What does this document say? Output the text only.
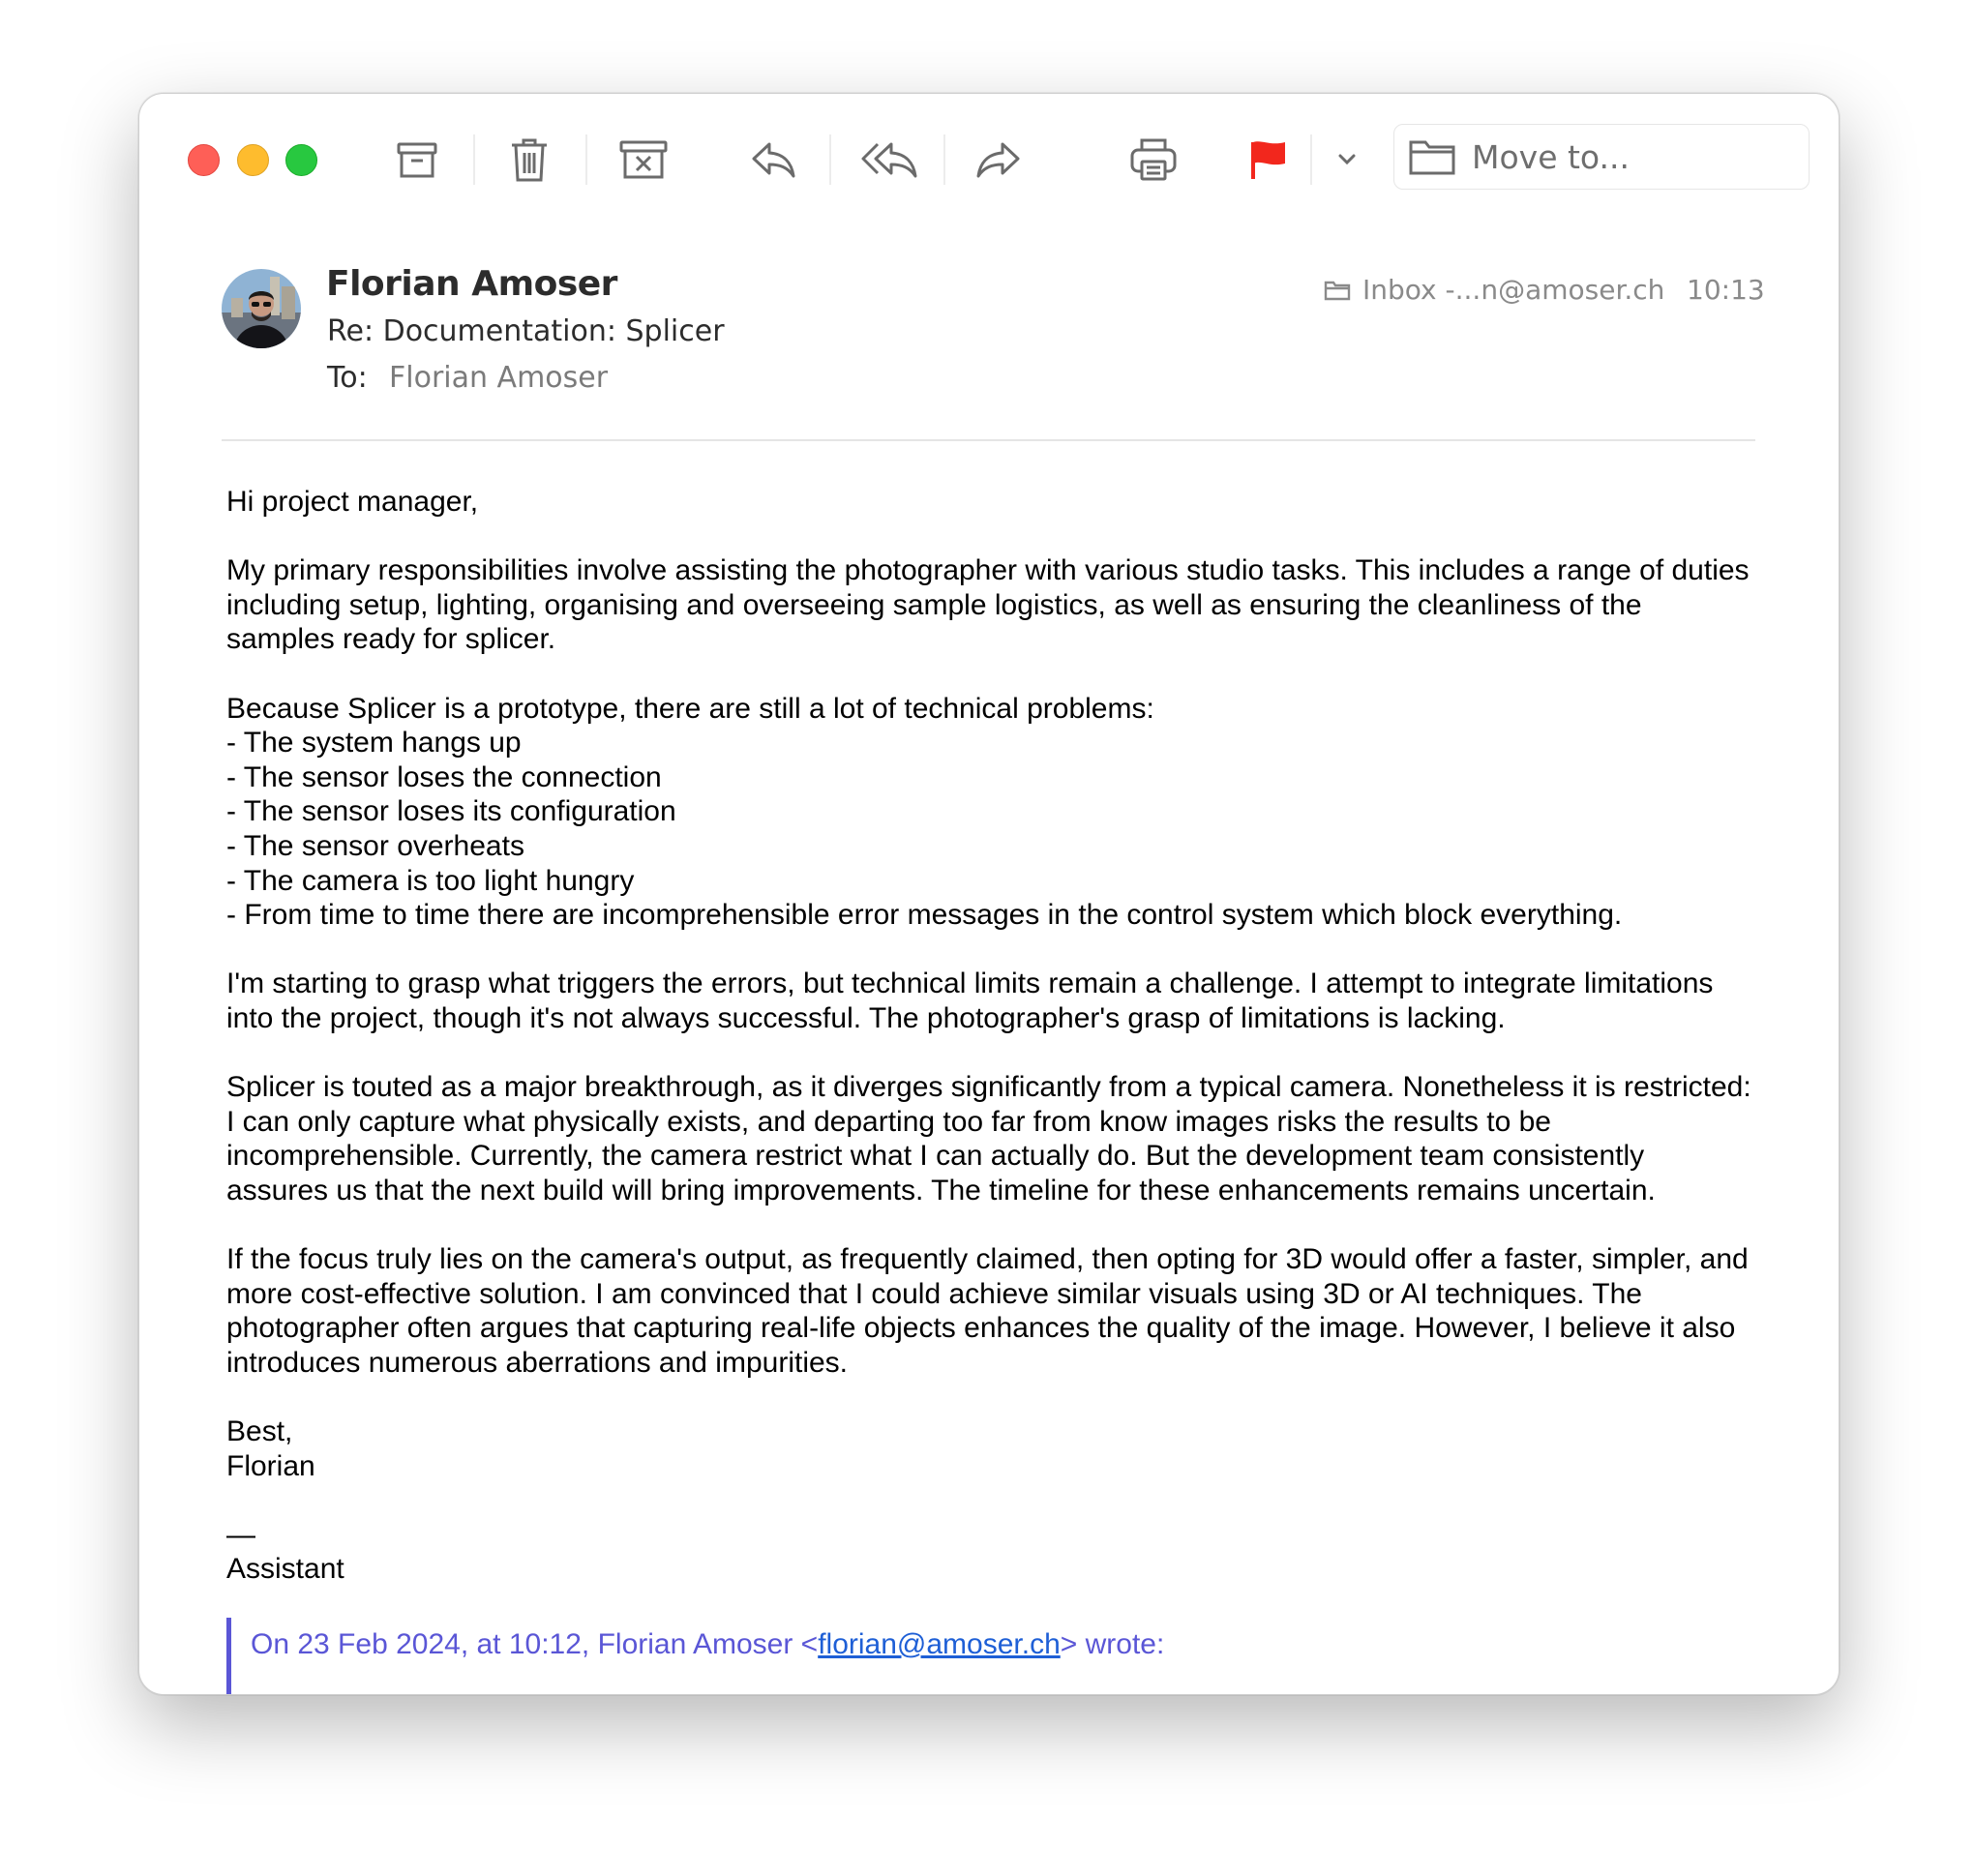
Move to...
Florian Amoser
Re: Documentation: Splicer
To: Florian Amoser
Inbox -...n@amoser.ch 10:13

Hi project manager,

My primary responsibilities involve assisting the photographer with various studio tasks. This includes a range of duties
including setup, lighting, organising and overseeing sample logistics, as well as ensuring the cleanliness of the
samples ready for splicer.

Because Splicer is a prototype, there are still a lot of technical problems:
- The system hangs up
- The sensor loses the connection
- The sensor loses its configuration
- The sensor overheats
- The camera is too light hungry
- From time to time there are incomprehensible error messages in the control system which block everything.

I'm starting to grasp what triggers the errors, but technical limits remain a challenge. I attempt to integrate limitations
into the project, though it's not always successful. The photographer's grasp of limitations is lacking.

Splicer is touted as a major breakthrough, as it diverges significantly from a typical camera. Nonetheless it is restricted:
I can only capture what physically exists, and departing too far from know images risks the results to be
incomprehensible. Currently, the camera restrict what I can actually do. But the development team consistently
assures us that the next build will bring improvements. The timeline for these enhancements remains uncertain.

If the focus truly lies on the camera's output, as frequently claimed, then opting for 3D would offer a faster, simpler, and
more cost-effective solution. I am convinced that I could achieve similar visuals using 3D or AI techniques. The
photographer often argues that capturing real-life objects enhances the quality of the image. However, I believe it also
introduces numerous aberrations and impurities.

Best,
Florian

—
Assistant

On 23 Feb 2024, at 10:12, Florian Amoser <florian@amoser.ch> wrote:
